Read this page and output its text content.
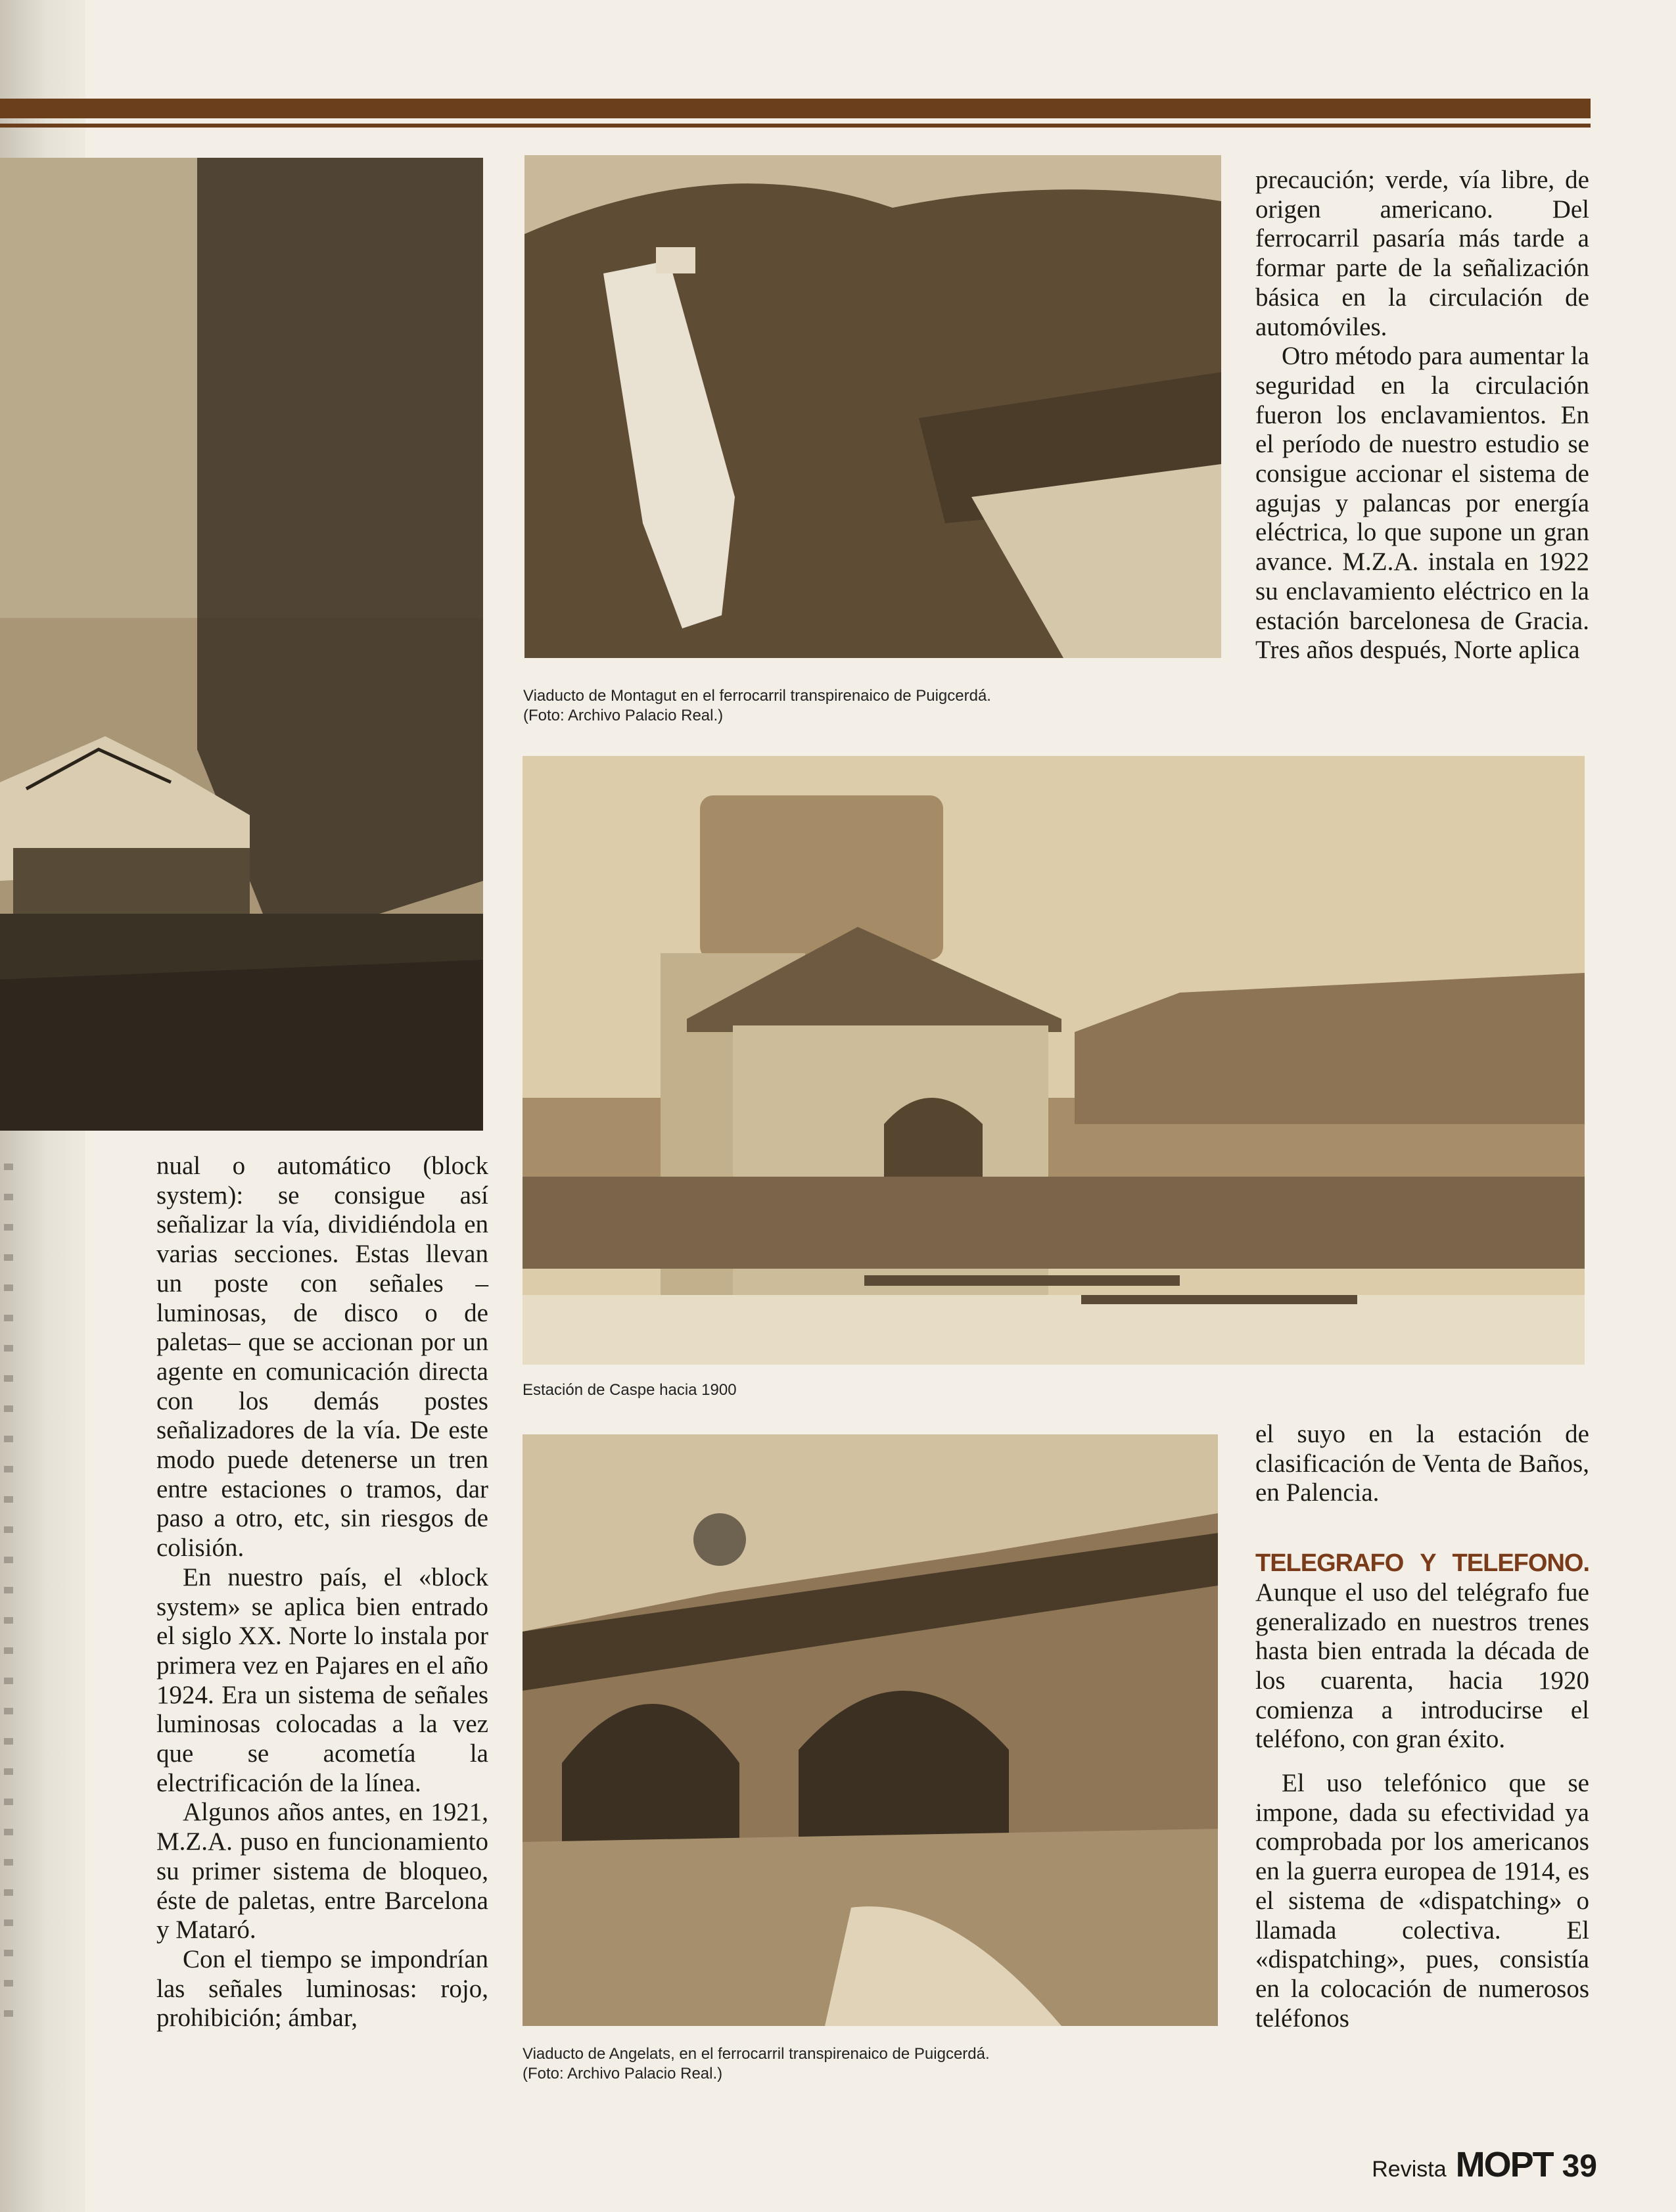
Viaducto de Montagut en el ferrocarril transpirenaico de Puigcerdá.
(Foto: Archivo Palacio Real.)
Estación de Caspe hacia 1900
Viaducto de Angelats, en el ferrocarril transpirenaico de Puigcerdá.
(Foto: Archivo Palacio Real.)

nual o automático (block system): se consigue así señalizar la vía, dividiéndola en varias secciones. Estas llevan un poste con señales –luminosas, de disco o de paletas– que se accionan por un agente en comunicación directa con los demás postes señalizadores de la vía. De este modo puede detenerse un tren entre estaciones o tramos, dar paso a otro, etc, sin riesgos de colisión.

En nuestro país, el «block system» se aplica bien entrado el siglo XX. Norte lo instala por primera vez en Pajares en el año 1924. Era un sistema de señales luminosas colocadas a la vez que se acometía la electrificación de la línea.

Algunos años antes, en 1921, M.Z.A. puso en funcionamiento su primer sistema de bloqueo, éste de paletas, entre Barcelona y Mataró.

Con el tiempo se impondrían las señales luminosas: rojo, prohibición; ámbar,

precaución; verde, vía libre, de origen americano. Del ferrocarril pasaría más tarde a formar parte de la señalización básica en la circulación de automóviles.

Otro método para aumentar la seguridad en la circulación fueron los enclavamientos. En el período de nuestro estudio se consigue accionar el sistema de agujas y palancas por energía eléctrica, lo que supone un gran avance. M.Z.A. instala en 1922 su enclavamiento eléctrico en la estación barcelonesa de Gracia. Tres años después, Norte aplica

el suyo en la estación de clasificación de Venta de Baños, en Palencia.

TELEGRAFO Y TELEFONO. Aunque el uso del telégrafo fue generalizado en nuestros trenes hasta bien entrada la década de los cuarenta, hacia 1920 comienza a introducirse el teléfono, con gran éxito.

El uso telefónico que se impone, dada su efectividad ya comprobada por los americanos en la guerra europea de 1914, es el sistema de «dispatching» o llamada colectiva. El «dispatching», pues, consistía en la colocación de numerosos teléfonos

Revista MOPT 39
